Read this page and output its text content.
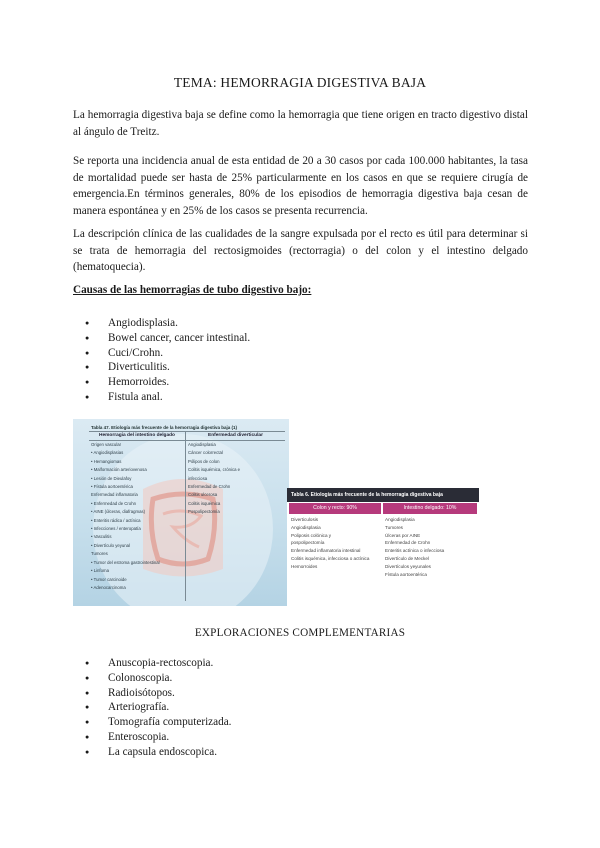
TEMA: HEMORRAGIA DIGESTIVA BAJA

La hemorragia digestiva baja se define como la hemorragia que tiene origen en tracto digestivo distal al ángulo de Treitz.

Se reporta una incidencia anual de esta entidad de 20 a 30 casos por cada 100.000 habitantes, la tasa de mortalidad puede ser hasta de 25% particularmente en los casos en que se requiere cirugía de emergencia.En términos generales, 80% de los episodios de hemorragia digestiva baja cesan de manera espontánea y en 25% de los casos se presenta recurrencia.

La descripción clínica de las cualidades de la sangre expulsada por el recto es útil para determinar si se trata de hemorragia del rectosigmoides (rectorragia) o del colon y el intestino delgado (hematoquecia).

Causas de las hemorragias de tubo digestivo bajo:
● Angiodisplasia.
● Bowel cancer, cancer intestinal.
● Cuci/Crohn.
● Diverticulitis.
● Hemorroides.
● Fistula anal.
Tabla 47. Etiología más frecuente de la hemorragia digestiva baja (1)
Hemorragia del intestino delgado	Enfermedad diverticular
Origen vascular
• Angiodisplasias
• Hemangiomas
• Malformación arteriovenosa
• Lesión de Dieulafoy
• Fístula aortoentérica
Enfermedad inflamatoria
• Enfermedad de Crohn
• AINE (úlceras, diafragmas)
• Enteritis rádica / actínica
• Infecciones / enteropatía
• Vasculitis
• Divertículo yeyunal
Tumores
• Tumor del estroma gastrointestinal
• Linfoma
• Tumor carcinoide
• Adenocarcinoma
Angiodisplasia
Cáncer colorrectal
Pólipos de colon
Colitis isquémica, crónica e
infecciosa
Enfermedad de Crohn
Colitis ulcerosa
Colitis isquémica
Pospolipectomía
Tabla 6. Etiología más frecuente de la hemorragia digestiva baja
Colon y recto: 90%	Intestino delgado: 10%
Diverticulosis
Angiodisplasia
Poliposis colónica y
pospolipectomía
Enfermedad inflamatoria intestinal
Colitis isquémica, infecciosa o actínica
Hemorroides
Angiodisplasia
Tumores
Úlceras por AINE
Enfermedad de Crohn
Enteritis actínica o infecciosa
Divertículo de Meckel
Divertículos yeyunales
Fístula aortoentérica
EXPLORACIONES COMPLEMENTARIAS
● Anuscopia-rectoscopia.
● Colonoscopia.
● Radioisótopos.
● Arteriografía.
● Tomografía computerizada.
● Enteroscopia.
● La capsula endoscopica.
